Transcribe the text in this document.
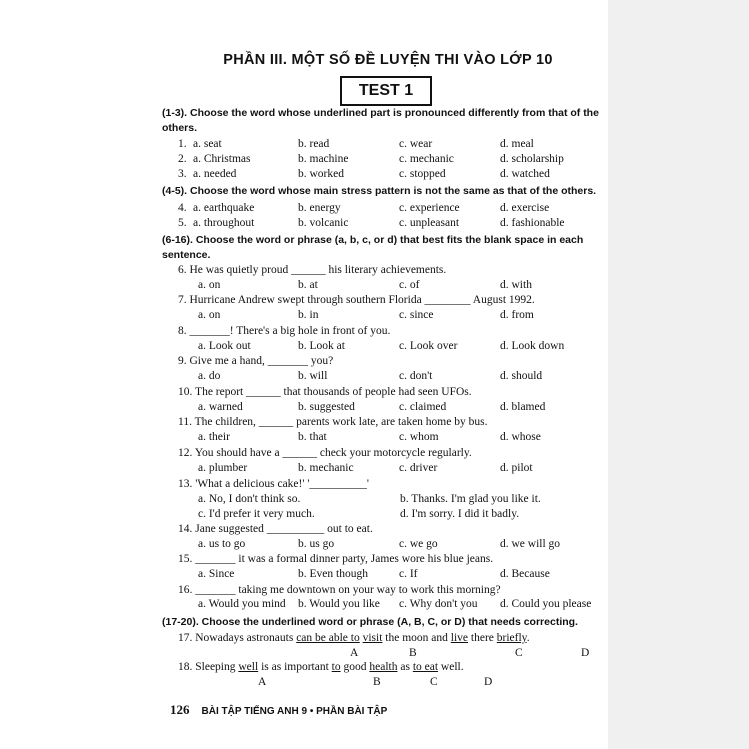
PHẦN III. MỘT SỐ ĐỀ LUYỆN THI VÀO LỚP 10
TEST 1
(1-3). Choose the word whose underlined part is pronounced differently from that of the others.
1. a. seat	b. read	c. wear	d. meal
2. a. Christmas	b. machine	c. mechanic	d. scholarship
3. a. needed	b. worked	c. stopped	d. watched
(4-5). Choose the word whose main stress pattern is not the same as that of the others.
4. a. earthquake	b. energy	c. experience	d. exercise
5. a. throughout	b. volcanic	c. unpleasant	d. fashionable
(6-16). Choose the word or phrase (a, b, c, or d) that best fits the blank space in each sentence.
6. He was quietly proud ______ his literary achievements.
a. on	b. at	c. of	d. with
7. Hurricane Andrew swept through southern Florida ________ August 1992.
a. on	b. in	c. since	d. from
8. _______! There's a big hole in front of you.
a. Look out	b. Look at	c. Look over	d. Look down
9. Give me a hand, _______ you?
a. do	b. will	c. don't	d. should
10. The report ______ that thousands of people had seen UFOs.
a. warned	b. suggested	c. claimed	d. blamed
11. The children, ______ parents work late, are taken home by bus.
a. their	b. that	c. whom	d. whose
12. You should have a ______ check your motorcycle regularly.
a. plumber	b. mechanic	c. driver	d. pilot
13. 'What a delicious cake!' '__________'
a. No, I don't think so.	b. Thanks. I'm glad you like it.
c. I'd prefer it very much.	d. I'm sorry. I did it badly.
14. Jane suggested __________ out to eat.
a. us to go	b. us go	c. we go	d. we will go
15. _______ it was a formal dinner party, James wore his blue jeans.
a. Since	b. Even though	c. If	d. Because
16. _______ taking me downtown on your way to work this morning?
a. Would you mind b. Would you like c. Why don't you d. Could you please
(17-20). Choose the underlined word or phrase (A, B, C, or D) that needs correcting.
17. Nowadays astronauts can be able to visit the moon and live there briefly.
A	B	C	D
18. Sleeping well is as important to good health as to eat well.
A	B	C	D
126 BÀI TẬP TIẾNG ANH 9 • PHẦN BÀI TẬP
